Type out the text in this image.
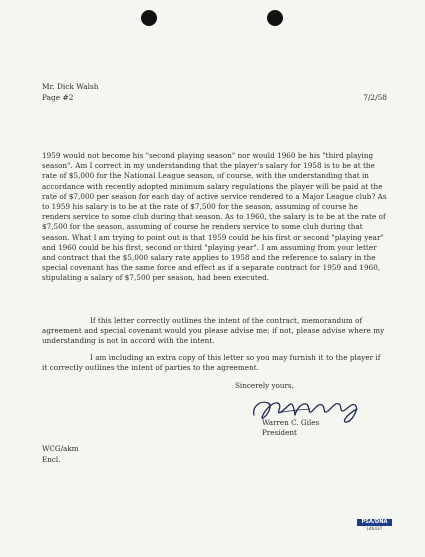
Mr. Dick Walsh
Page #2	7/2/58
1959 would not become his "second playing season" nor would 1960 be his "third playing season". Am I correct in my understanding that the player's salary for 1958 is to be at the rate of $5,000 for the National League season, of course, with the understanding that in accordance with recently adopted minimum salary regulations the player will be paid at the rate of $7,000 per season for each day of active service rendered to a Major League club? As to 1959 his salary is to be at the rate of $7,500 for the season, assuming of course he renders service to some club during that season. As to 1960, the salary is to be at the rate of $7,500 for the season, assuming of course he renders service to some club during that season. What I am trying to point out is that 1959 could be his first or second "playing year" and 1960 could be his first, second or third "playing year". I am assuming from your letter and contract that the $5,000 salary rate applies to 1958 and the reference to salary in the special covenant has the same force and effect as if a separate contract for 1959 and 1960, stipulating a salary of $7,500 per season, had been executed.
If this letter correctly outlines the intent of the contract, memorandum of agreement and special covenant would you please advise me; if not, please advise where my understanding is not in accord with the intent.
I am including an extra copy of this letter so you may furnish it to the player if it correctly outlines the intent of parties to the agreement.
Sincerely yours,
Warren C. Giles
President
WCG/akm
Encl.
PSA/DNA
L46437
